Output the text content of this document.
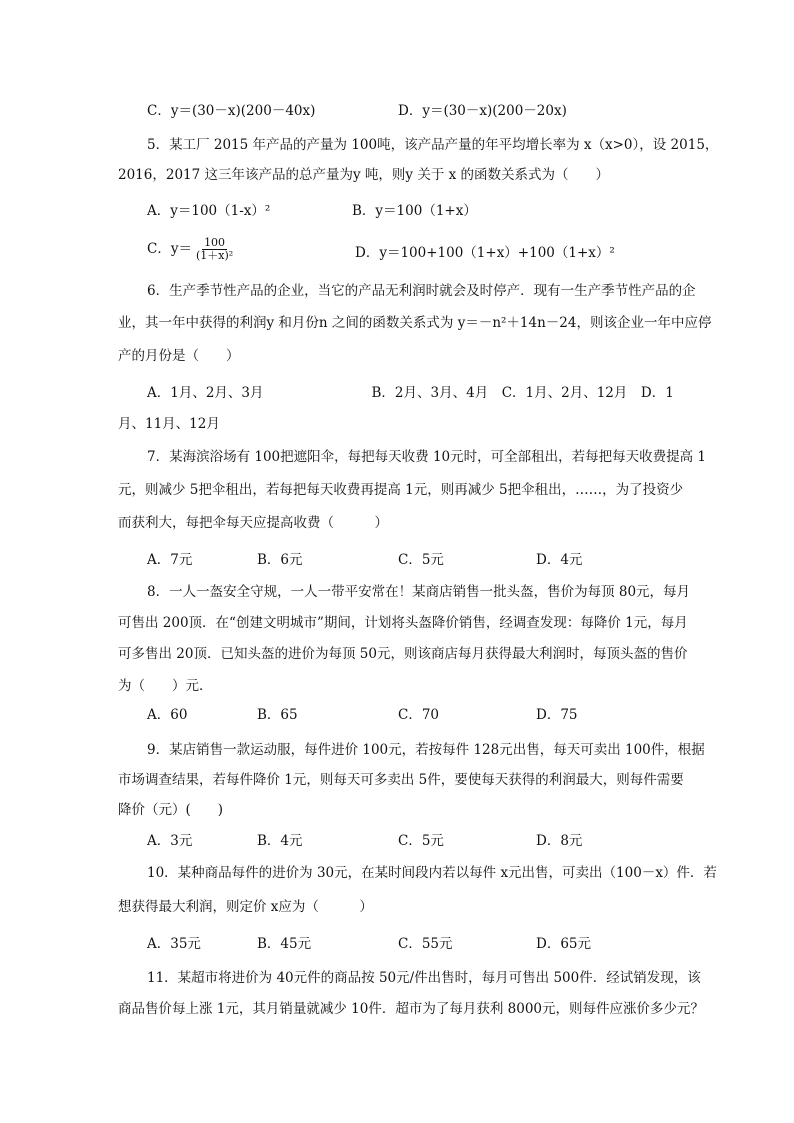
C．y＝(30－x)(200－40x)	D．y＝(30－x)(200－20x)
5．某工厂 2015 年产品的产量为 100吨，该产品产量的年平均增长率为 x（x>0），设 2015，
2016，2017 这三年该产品的总产量为y 吨，则y 关于 x 的函数关系式为（　　）
A．y＝100（1-x）²	B．y＝100（1+x）
C．$y= \frac{100}{\text{(1＋x)²}}$	D．y＝100+100（1+x）+100（1+x）²
6．生产季节性产品的企业，当它的产品无利润时就会及时停产．现有一生产季节性产品的企
业，其一年中获得的利润y 和月份n 之间的函数关系式为 y＝－n²＋14n－24，则该企业一年中应停
产的月份是（　　）
A．1月、2月、3月　　　　　　　　B．2月、3月、4月　C．1月、2月、12月　D．1
月、11月、12月
7．某海滨浴场有 100把遮阳伞，每把每天收费 10元时，可全部租出，若每把每天收费提高 1
元，则减少 5把伞租出，若每把每天收费再提高 1元，则再减少 5把伞租出，……，为了投资少
而获利大，每把伞每天应提高收费（　　　）
A．7元	B．6元	C．5元	D．4元
8．一人一盔安全守规，一人一带平安常在！某商店销售一批头盔，售价为每顶 80元，每月
可售出 200顶．在“创建文明城市”期间，计划将头盔降价销售，经调查发现：每降价 1元，每月
可多售出 20顶．已知头盔的进价为每顶 50元，则该商店每月获得最大利润时，每顶头盔的售价
为（　　）元．
A．60	B．65	C．70	D．75
9．某店销售一款运动服，每件进价 100元，若按每件 128元出售，每天可卖出 100件，根据
市场调查结果，若每件降价 1元，则每天可多卖出 5件，要使每天获得的利润最大，则每件需要
降价（元）(　　)
A．3元	B．4元	C．5元	D．8元
10．某种商品每件的进价为 30元，在某时间段内若以每件 x元出售，可卖出（100－x）件．若
想获得最大利润，则定价 x应为（　　　）
A．35元	B．45元	C．55元	D．65元
11．某超市将进价为 40元件的商品按 50元/件出售时，每月可售出 500件．经试销发现，该
商品售价每上涨 1元，其月销量就减少 10件．超市为了每月获利 8000元，则每件应涨价多少元？
